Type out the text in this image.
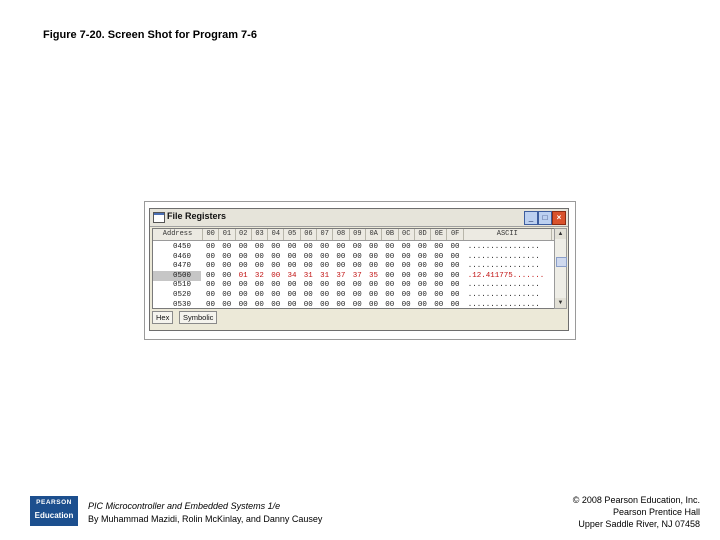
Figure 7-20. Screen Shot for Program 7-6
File Registers	_	□	×
Address	00	01	02	03	04	05	06	07	08	09	0A	0B	0C	0D	0E	0F	ASCII
0450 00 00 00 00 00 00 00 00 00 00 00 00 00 00 00 00 ................
0460 00 00 00 00 00 00 00 00 00 00 00 00 00 00 00 00 ................
0470 00 00 00 00 00 00 00 00 00 00 00 00 00 00 00 00 ................
0500 00 00 01 32 00 34 31 31 37 37 35 00 00 00 00 00 .12.411775.......
0510 00 00 00 00 00 00 00 00 00 00 00 00 00 00 00 00 ................
0520 00 00 00 00 00 00 00 00 00 00 00 00 00 00 00 00 ................
0530 00 00 00 00 00 00 00 00 00 00 00 00 00 00 00 00 ................
▲
▼
Hex	Symbolic
PEARSON
Education
PIC Microcontroller and Embedded Systems 1/e
By Muhammad Mazidi, Rolin McKinlay, and Danny Causey
© 2008 Pearson Education, Inc.
Pearson Prentice Hall
Upper Saddle River, NJ 07458
